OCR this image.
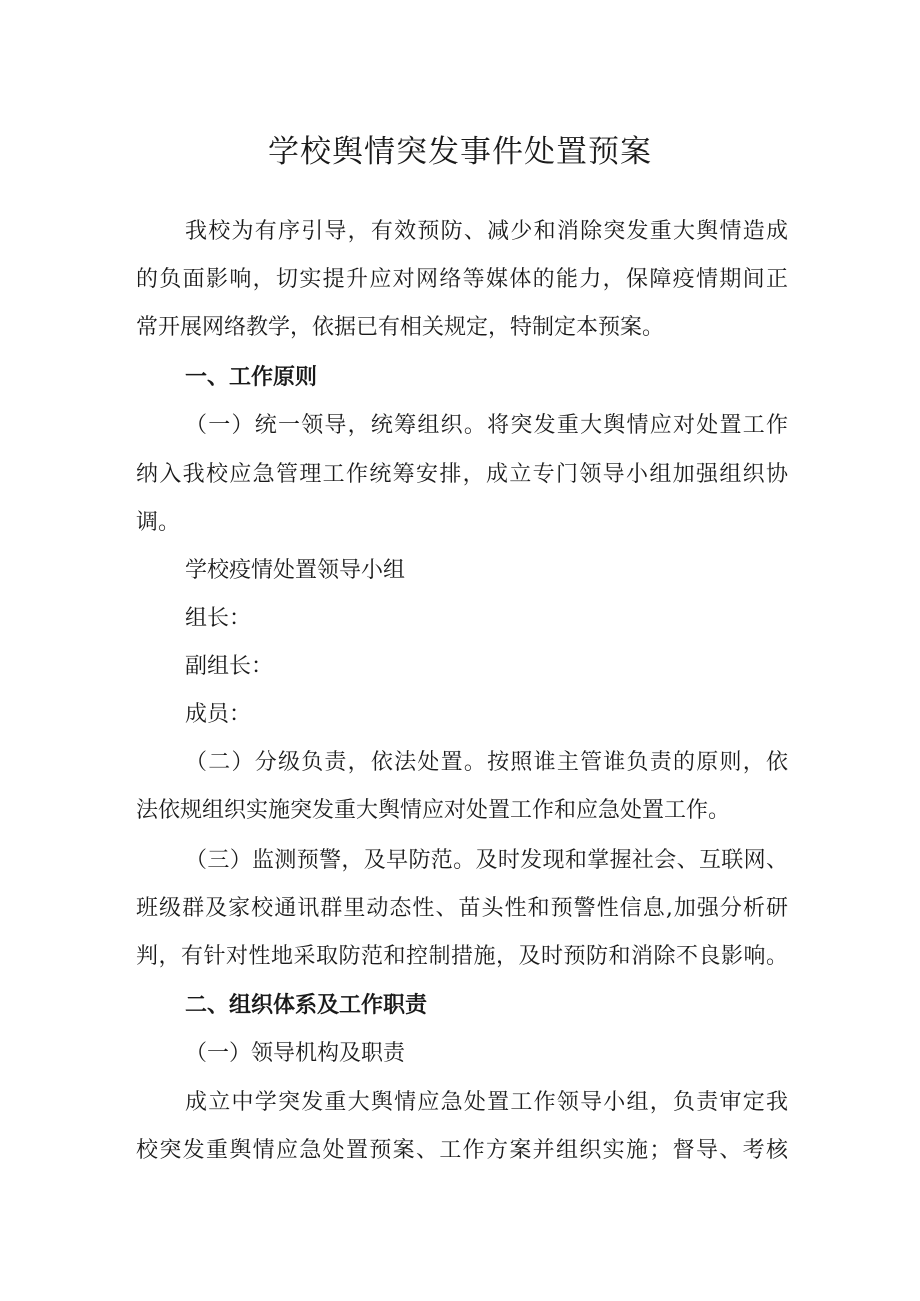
学校舆情突发事件处置预案

我校为有序引导，有效预防、减少和消除突发重大舆情造成

的负面影响，切实提升应对网络等媒体的能力，保障疫情期间正

常开展网络教学，依据已有相关规定，特制定本预案。

一、工作原则

（一）统一领导，统筹组织。将突发重大舆情应对处置工作

纳入我校应急管理工作统筹安排，成立专门领导小组加强组织协

调。

学校疫情处置领导小组

组长：

副组长：

成员：

（二）分级负责，依法处置。按照谁主管谁负责的原则，依

法依规组织实施突发重大舆情应对处置工作和应急处置工作。

（三）监测预警，及早防范。及时发现和掌握社会、互联网、

班级群及家校通讯群里动态性、苗头性和预警性信息,加强分析研

判，有针对性地采取防范和控制措施，及时预防和消除不良影响。

二、组织体系及工作职责

（一）领导机构及职责

成立中学突发重大舆情应急处置工作领导小组，负责审定我

校突发重舆情应急处置预案、工作方案并组织实施；督导、考核
